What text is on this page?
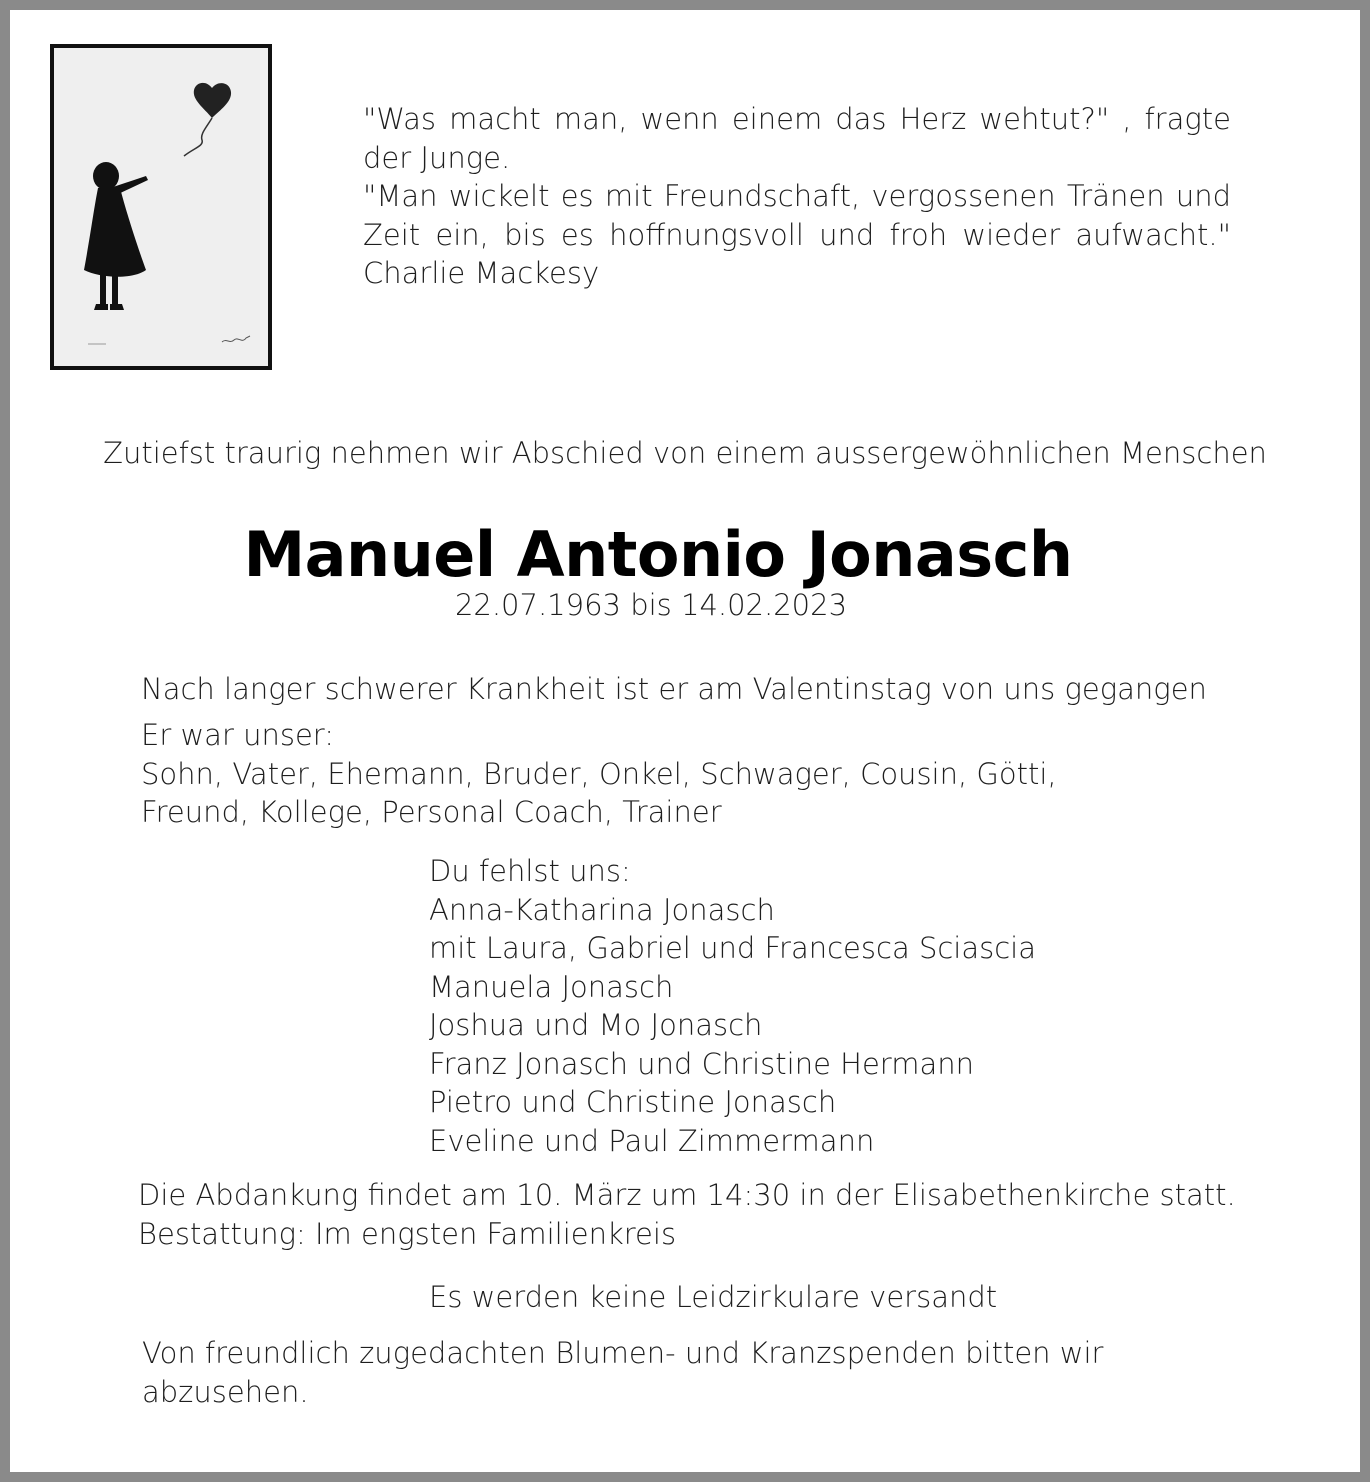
"Was macht man, wenn einem das Herz wehtut?" , fragte
der Junge.
"Man wickelt es mit Freundschaft, vergossenen Tränen und
Zeit ein, bis es hoffnungsvoll und froh wieder aufwacht."
Charlie Mackesy
Zutiefst traurig nehmen wir Abschied von einem aussergewöhnlichen Menschen
Manuel Antonio Jonasch
22.07.1963 bis 14.02.2023
Nach langer schwerer Krankheit ist er am Valentinstag von uns gegangen
Er war unser:
Sohn, Vater, Ehemann, Bruder, Onkel, Schwager, Cousin, Götti,
Freund, Kollege, Personal Coach, Trainer
Du fehlst uns:
Anna-Katharina Jonasch
mit Laura, Gabriel und Francesca Sciascia
Manuela Jonasch
Joshua und Mo Jonasch
Franz Jonasch und Christine Hermann
Pietro und Christine Jonasch
Eveline und Paul Zimmermann
Die Abdankung findet am 10. März um 14:30 in der Elisabethenkirche statt.
Bestattung: Im engsten Familienkreis
Es werden keine Leidzirkulare versandt
Von freundlich zugedachten Blumen- und Kranzspenden bitten wir
abzusehen.
